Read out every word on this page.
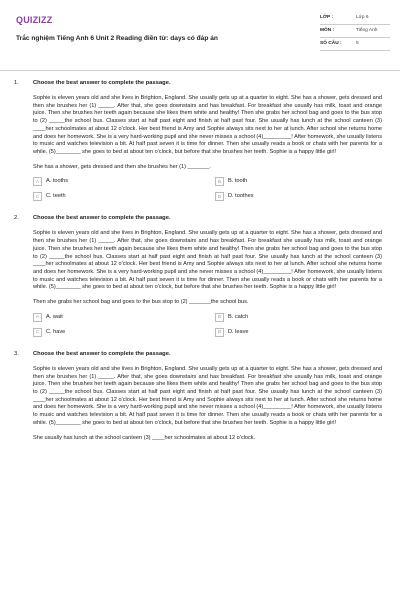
QUIZIZZ
Trắc nghiệm Tiếng Anh 6 Unit 2 Reading điền từ: days có đáp án
LỚP :	Lớp 6
MÔN :	Tiếng Anh
SỐ CÂU :	5
1. Choose the best answer to complete the passage.
Sophie is eleven years old and she lives in Brighton, England. She usually gets up at a quarter to eight. She has a shower, gets dressed and then she brushes her (1) _____. After that, she goes downstairs and has breakfast. For breakfast she usually has milk, toast and orange juice. Then she brushes her teeth again because she likes them white and healthy! Then she grabs her school bag and goes to the bus stop to (2) _____the school bus. Classes start at half past eight and finish at half past four. She usually has lunch at the school canteen (3) ____her schoolmates at about 12 o'clock. Her best friend is Amy and Sophie always sits next to her at lunch. After school she returns home and does her homework. She is a very hard-working pupil and she never misses a school (4)_________! After homework, she usually listens to music and watches television a bit. At half past seven it is time for dinner. Then she usually reads a book or chats with her parents for a while. (5)________ she goes to bed at about ten o'clock, but before that she brushes her teeth. Sophie is a happy little girl!
She has a shower, gets dressed and then she brushes her (1) _______.
A	A. tooths	B	B. tooth
C	C. teeth	D	D. toothes
2. Choose the best answer to complete the passage.
Sophie is eleven years old and she lives in Brighton, England. She usually gets up at a quarter to eight. She has a shower, gets dressed and then she brushes her (1) _____. After that, she goes downstairs and has breakfast. For breakfast she usually has milk, toast and orange juice. Then she brushes her teeth again because she likes them white and healthy! Then she grabs her school bag and goes to the bus stop to (2) _____the school bus. Classes start at half past eight and finish at half past four. She usually has lunch at the school canteen (3) ____her schoolmates at about 12 o'clock. Her best friend is Amy and Sophie always sits next to her at lunch. After school she returns home and does her homework. She is a very hard-working pupil and she never misses a school (4)_________! After homework, she usually listens to music and watches television a bit. At half past seven it is time for dinner. Then she usually reads a book or chats with her parents for a while. (5)________ she goes to bed at about ten o'clock, but before that she brushes her teeth. Sophie is a happy little girl!
Then she grabs her school bag and goes to the bus stop to (2) _______the school bus.
A	A. wait	B	B. catch
C	C. have	D	D. leave
3. Choose the best answer to complete the passage.
Sophie is eleven years old and she lives in Brighton, England. She usually gets up at a quarter to eight. She has a shower, gets dressed and then she brushes her (1) _____. After that, she goes downstairs and has breakfast. For breakfast she usually has milk, toast and orange juice. Then she brushes her teeth again because she likes them white and healthy! Then she grabs her school bag and goes to the bus stop to (2) _____the school bus. Classes start at half past eight and finish at half past four. She usually has lunch at the school canteen (3) ____her schoolmates at about 12 o'clock. Her best friend is Amy and Sophie always sits next to her at lunch. After school she returns home and does her homework. She is a very hard-working pupil and she never misses a school (4)_________! After homework, she usually listens to music and watches television a bit. At half past seven it is time for dinner. Then she usually reads a book or chats with her parents for a while. (5)________ she goes to bed at about ten o'clock, but before that she brushes her teeth. Sophie is a happy little girl!
She usually has lunch at the school canteen (3) ____her schoolmates at about 12 o'clock.
